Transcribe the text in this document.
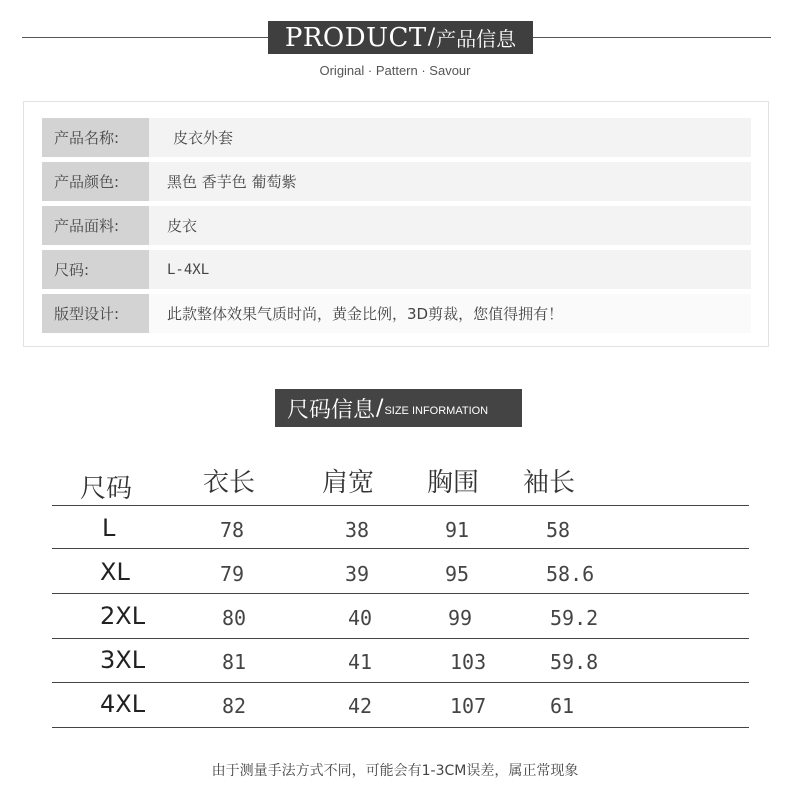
PRODUCT / 产品信息
Original · Pattern · Savour
产品名称:	皮衣外套
产品颜色:	黑色 香芋色 葡萄紫
产品面料:	皮衣
尺码:	L-4XL
版型设计:	此款整体效果气质时尚，黄金比例，3D剪裁，您值得拥有！
尺码信息 / SIZE INFORMATION
尺码	衣长	肩宽 胸围 袖长
L	78	38	91	58
XL	79	39	95	58.6
2XL	80	40	99	59.2
3XL	81	41	103	59.8
4XL	82	42	107	61
由于测量手法方式不同，可能会有1-3CM误差，属正常现象
